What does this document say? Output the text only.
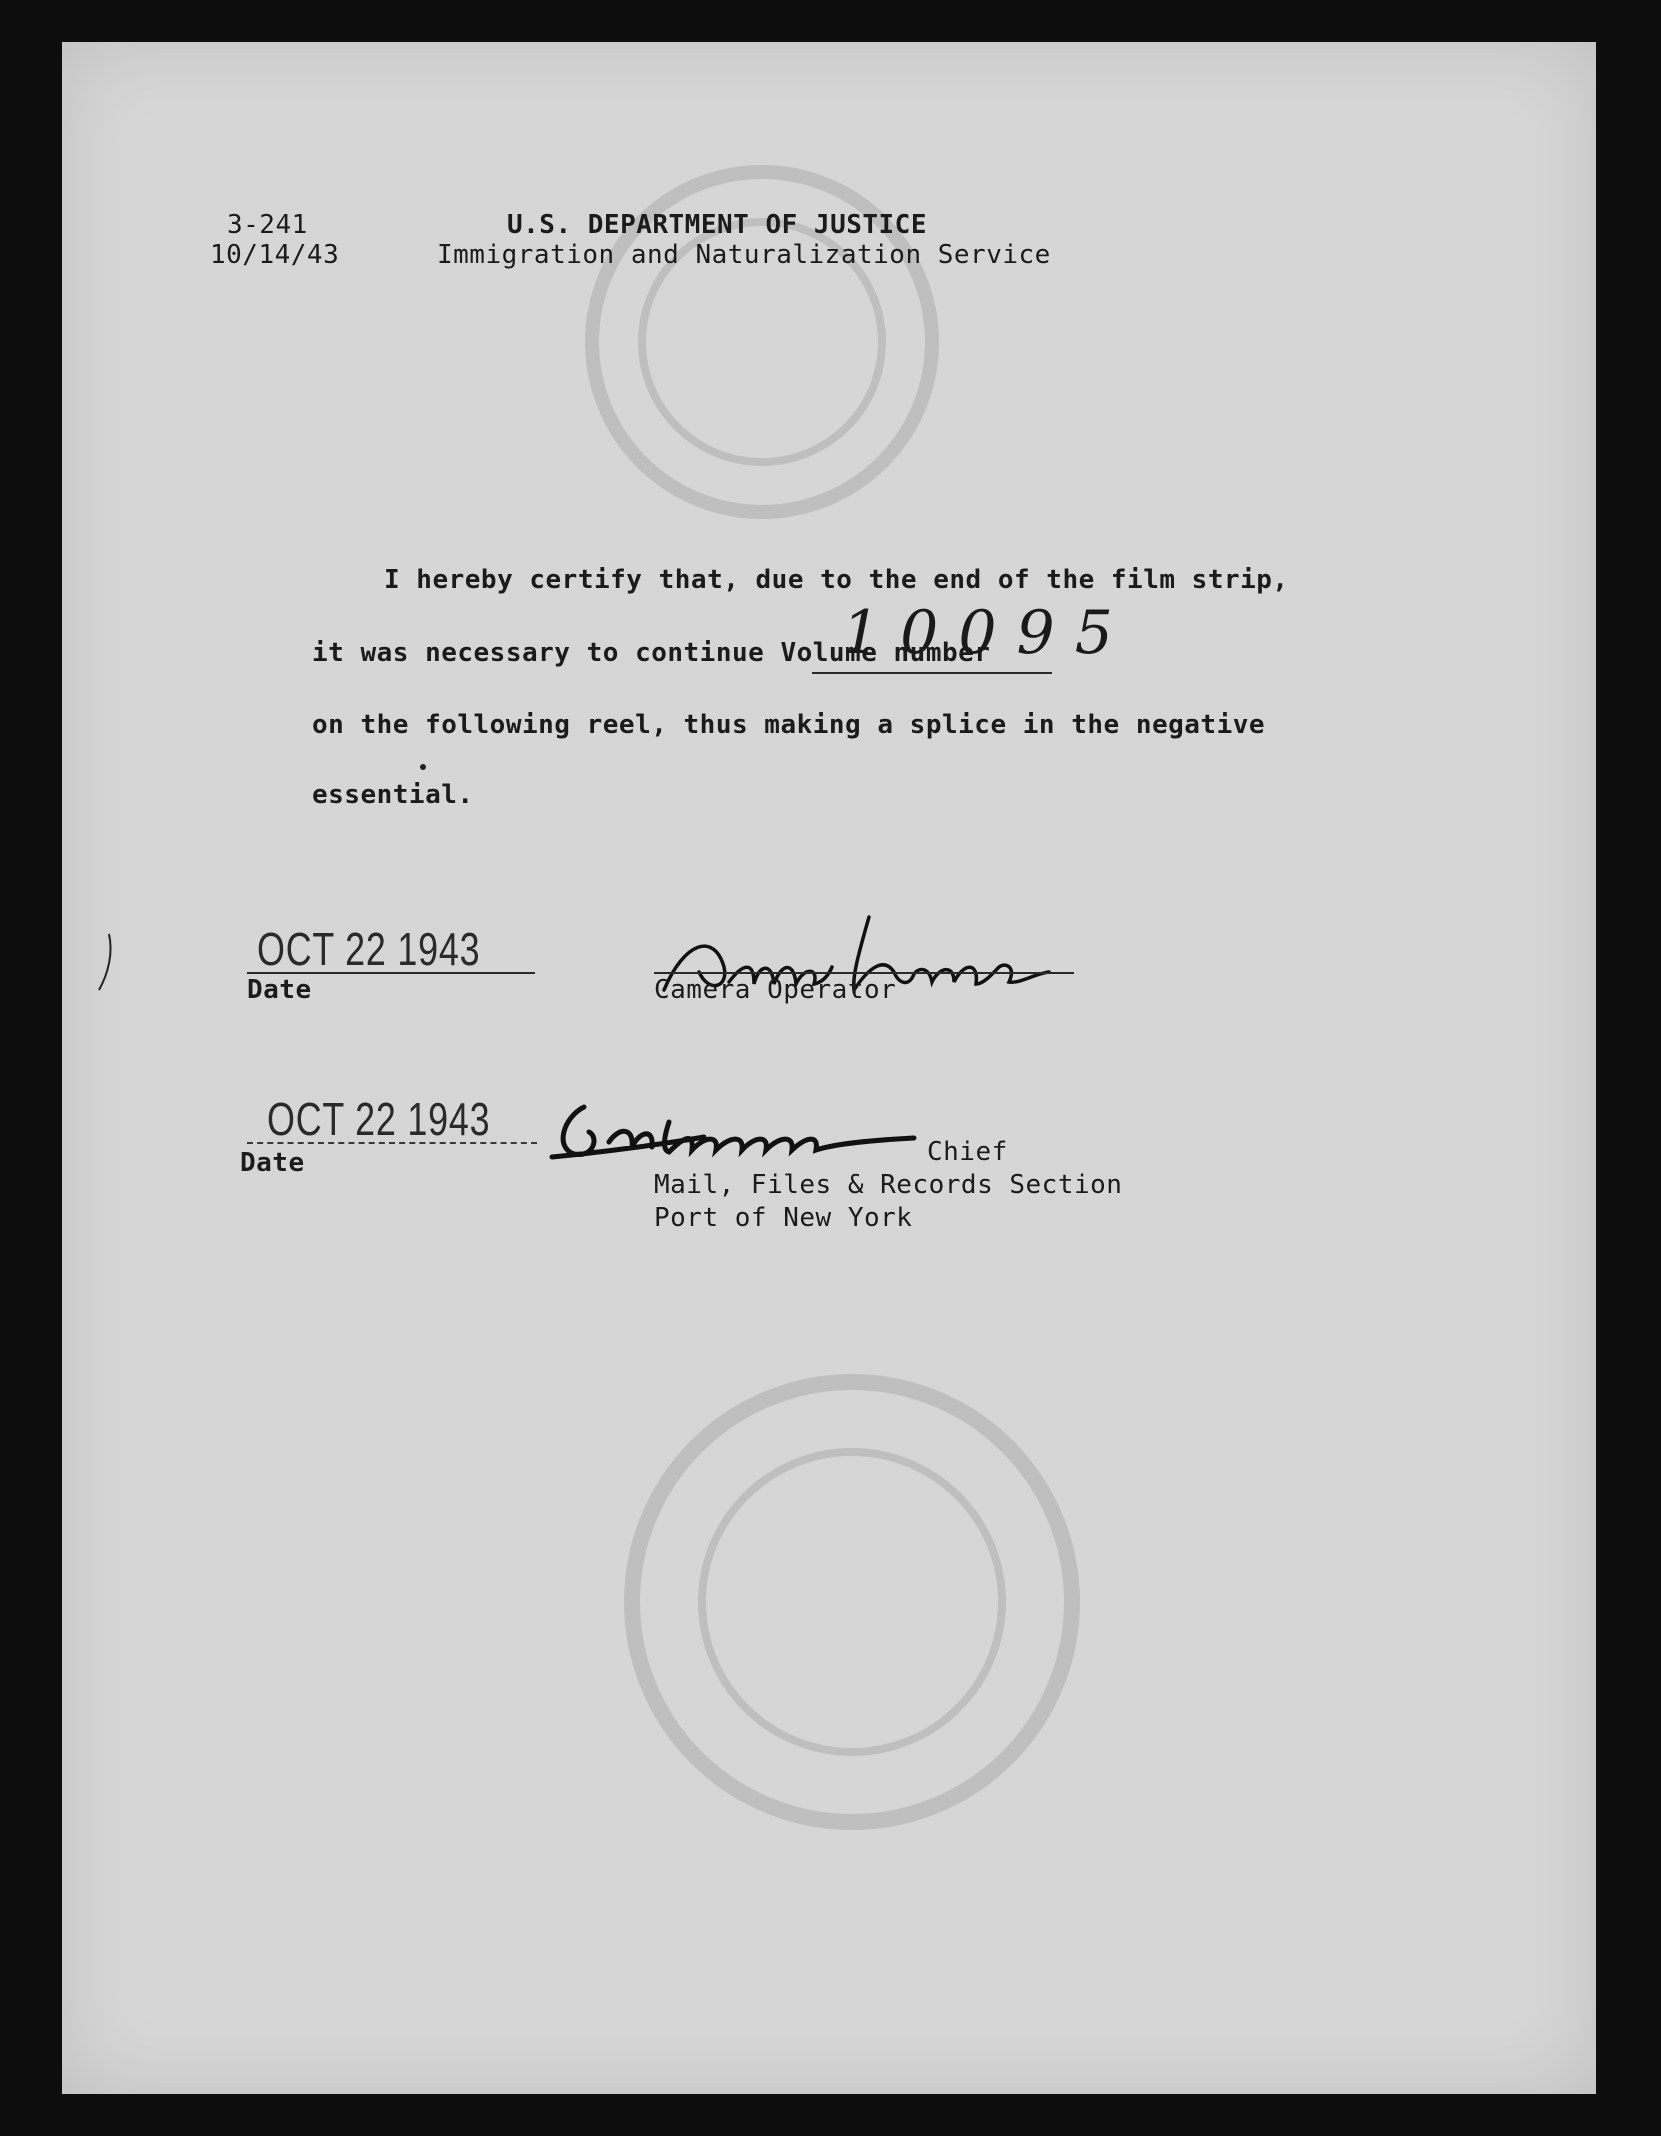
3-241
10/14/43
U.S. DEPARTMENT OF JUSTICE
Immigration and Naturalization Service
I hereby certify that, due to the end of the film strip,
it was necessary to continue Volume number
10095
on the following reel, thus making a splice in the negative
essential.
OCT 22 1943
Date	Camera Operator
OCT 22 1943
Date	Chief
Mail, Files & Records Section
Port of New York
